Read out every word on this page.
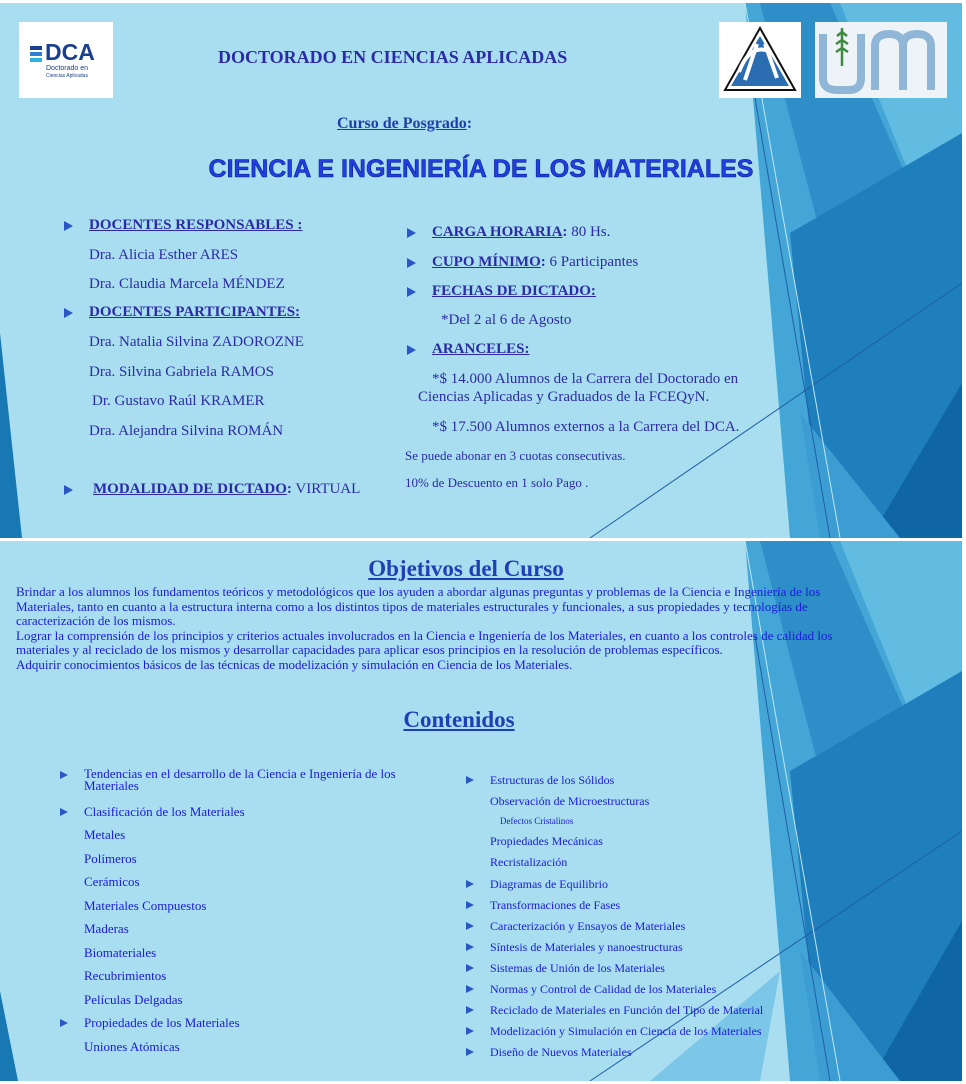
DCA
Doctorado en
Ciencias Aplicadas
DOCTORADO EN CIENCIAS APLICADAS
Curso de Posgrado:
CIENCIA E INGENIERÍA DE LOS MATERIALES
DOCENTES RESPONSABLES :
Dra. Alicia Esther ARES
Dra. Claudia Marcela MÉNDEZ
DOCENTES PARTICIPANTES:
Dra. Natalia Silvina ZADOROZNE
Dra. Silvina Gabriela RAMOS
Dr. Gustavo Raúl KRAMER
Dra. Alejandra Silvina ROMÁN
MODALIDAD DE DICTADO: VIRTUAL
CARGA HORARIA: 80 Hs.
CUPO MÍNIMO: 6 Participantes
FECHAS DE DICTADO:
*Del 2 al 6 de Agosto
ARANCELES:
*$ 14.000 Alumnos de la Carrera del Doctorado en
Ciencias Aplicadas y Graduados de la FCEQyN.
*$ 17.500 Alumnos externos a la Carrera del DCA.
Se puede abonar en 3 cuotas consecutivas.
10% de Descuento en 1 solo Pago .
Objetivos del Curso
Brindar a los alumnos los fundamentos teóricos y metodológicos que los ayuden a abordar algunas preguntas y problemas de la Ciencia e Ingeniería de los
Materiales, tanto en cuanto a la estructura interna como a los distintos tipos de materiales estructurales y funcionales, a sus propiedades y tecnologías de
caracterización de los mismos.
Lograr la comprensión de los principios y criterios actuales involucrados en la Ciencia e Ingeniería de los Materiales, en cuanto a los controles de calidad los
materiales y al reciclado de los mismos y desarrollar capacidades para aplicar esos principios en la resolución de problemas específicos.
Adquirir conocimientos básicos de las técnicas de modelización y simulación en Ciencia de los Materiales.
Contenidos
Tendencias en el desarrollo de la Ciencia e Ingeniería de los
Materiales
Clasificación de los Materiales
Metales
Polímeros
Cerámicos
Materiales Compuestos
Maderas
Biomateriales
Recubrimientos
Películas Delgadas
Propiedades de los Materiales
Uniones Atómicas
Estructuras de los Sólidos
Observación de Microestructuras
Defectos Cristalinos
Propiedades Mecánicas
Recristalización
Diagramas de Equilibrio
Transformaciones de Fases
Caracterización y Ensayos de Materiales
Síntesis de Materiales y nanoestructuras
Sistemas de Unión de los Materiales
Normas y Control de Calidad de los Materiales
Reciclado de Materiales en Función del Tipo de Material
Modelización y Simulación en Ciencia de los Materiales
Diseño de Nuevos Materiales
